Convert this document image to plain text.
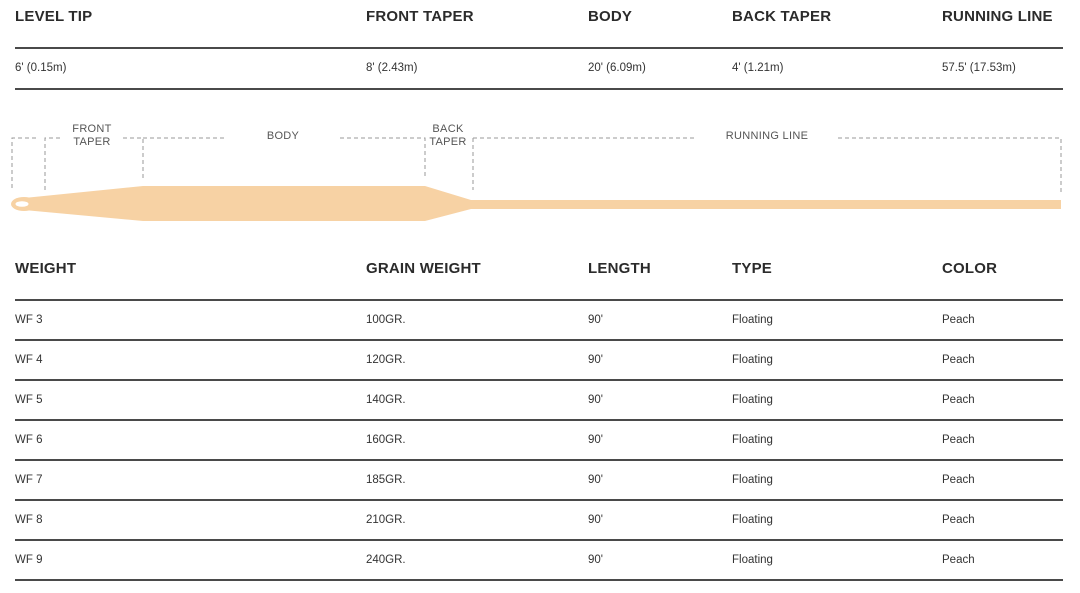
LEVEL TIP	FRONT TAPER	BODY	BACK TAPER	RUNNING LINE
6' (0.15m)	8' (2.43m)	20' (6.09m)	4' (1.21m)	57.5' (17.53m)
FRONT
TAPER	BODY
BACK
TAPER	RUNNING LINE
WEIGHT	GRAIN WEIGHT	LENGTH	TYPE	COLOR
WF 3	100GR.	90'	Floating	Peach
WF 4	120GR.	90'	Floating	Peach
WF 5	140GR.	90'	Floating	Peach
WF 6	160GR.	90'	Floating	Peach
WF 7	185GR.	90'	Floating	Peach
WF 8	210GR.	90'	Floating	Peach
WF 9	240GR.	90'	Floating	Peach
